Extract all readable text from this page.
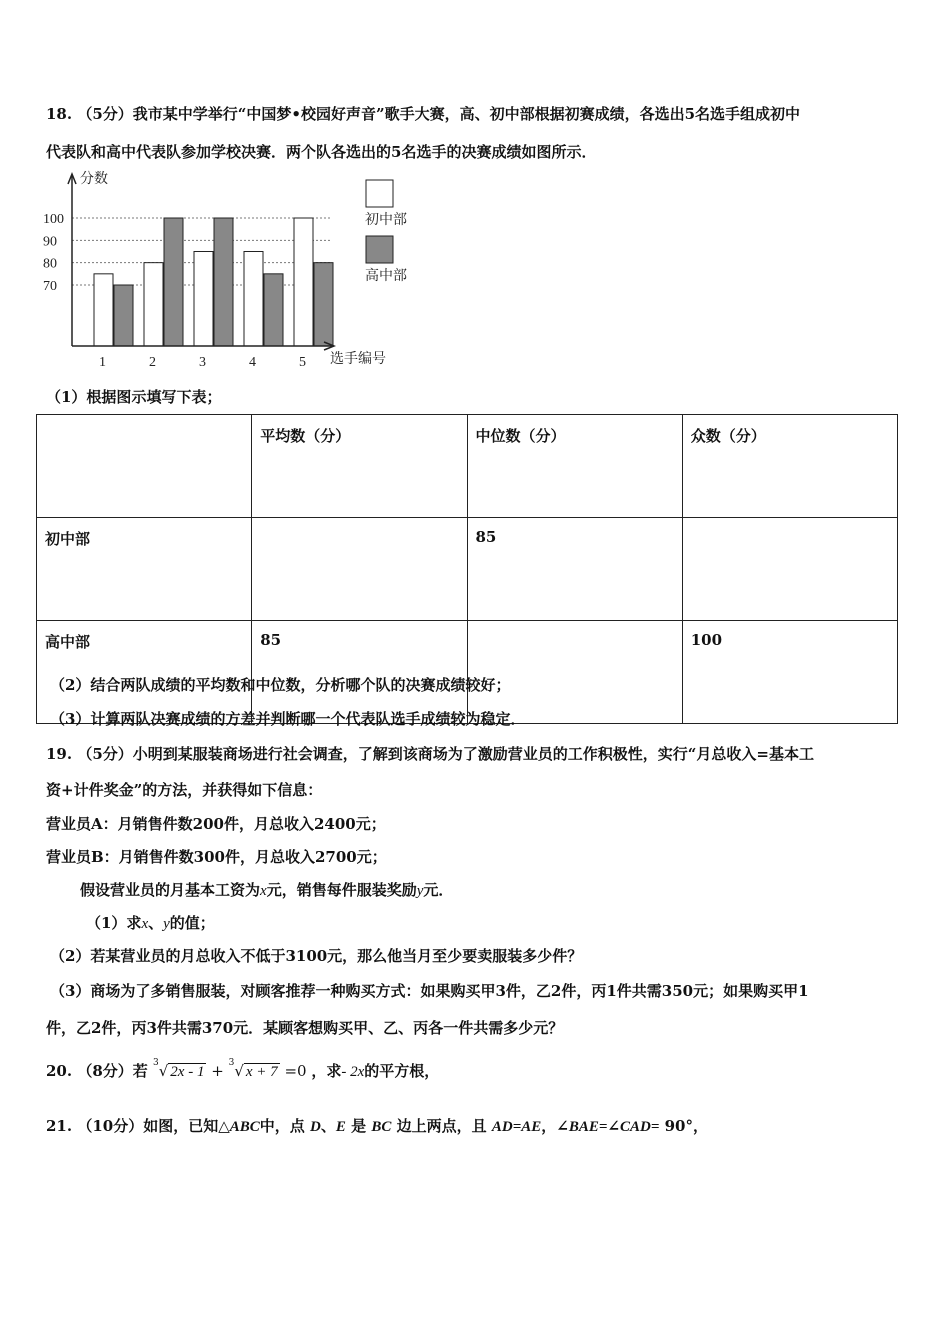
18. （5分）我市某中学举行“中国梦•校园好声音”歌手大赛，高、初中部根据初赛成绩，各选出5名选手组成初中
代表队和高中代表队参加学校决赛．两个队各选出的5名选手的决赛成绩如图所示．
70
80
90
100
1	2	3	4	5
分数
选手编号
初中部
高中部
（1）根据图示填写下表；
	平均数（分）	中位数（分）	众数（分）
初中部		85	
高中部	85		100
（2）结合两队成绩的平均数和中位数，分析哪个队的决赛成绩较好；
（3）计算两队决赛成绩的方差并判断哪一个代表队选手成绩较为稳定．
19. （5分）小明到某服装商场进行社会调查，了解到该商场为了激励营业员的工作积极性，实行“月总收入=基本工
资+计件奖金”的方法，并获得如下信息：
营业员A：月销售件数200件，月总收入2400元；
营业员B：月销售件数300件，月总收入2700元；
假设营业员的月基本工资为x元，销售每件服装奖励y元．
（1）求x、y的值；
（2）若某营业员的月总收入不低于3100元，那么他当月至少要卖服装多少件？
（3）商场为了多销售服装，对顾客推荐一种购买方式：如果购买甲3件，乙2件，丙1件共需350元；如果购买甲1
件，乙2件，丙3件共需370元．某顾客想购买甲、乙、丙各一件共需多少元？
20. （8分）若 $^3$√ 2x - 1 + $^3$√ x + 7 =0 ，求- 2x的平方根，
21. （10分）如图，已知△ABC中，点 D、E 是 BC 边上两点，且 AD=AE，∠BAE=∠CAD= 90°，
